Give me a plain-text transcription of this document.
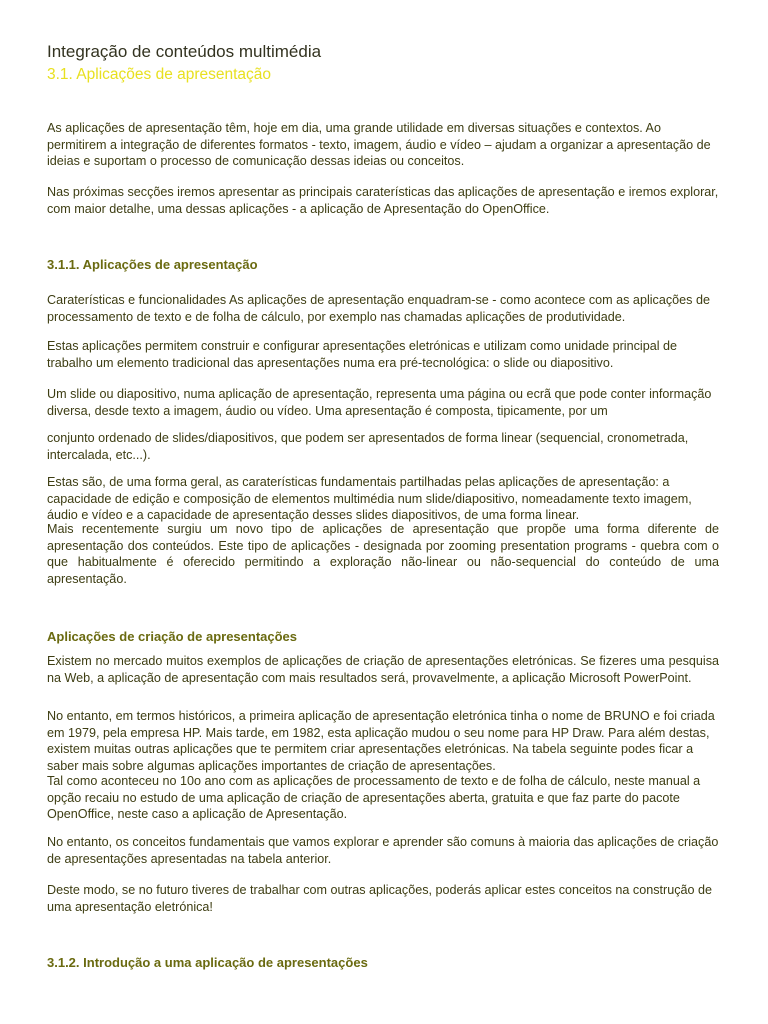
Integração de conteúdos multimédia
3.1. Aplicações de apresentação
As aplicações de apresentação têm, hoje em dia, uma grande utilidade em diversas situações e contextos. Ao permitirem a integração de diferentes formatos - texto, imagem, áudio e vídeo – ajudam a organizar a apresentação de ideias e suportam o processo de comunicação dessas ideias ou conceitos.
Nas próximas secções iremos apresentar as principais caraterísticas das aplicações de apresentação e iremos explorar, com maior detalhe, uma dessas aplicações - a aplicação de Apresentação do OpenOffice.
3.1.1. Aplicações de apresentação
Caraterísticas e funcionalidades As aplicações de apresentação enquadram-se - como acontece com as aplicações de processamento de texto e de folha de cálculo, por exemplo nas chamadas aplicações de produtividade.
Estas aplicações permitem construir e configurar apresentações eletrónicas e utilizam como unidade principal de trabalho um elemento tradicional das apresentações numa era pré-tecnológica: o slide ou diapositivo.
Um slide ou diapositivo, numa aplicação de apresentação, representa uma página ou ecrã que pode conter informação diversa, desde texto a imagem, áudio ou vídeo. Uma apresentação é composta, tipicamente, por um
conjunto ordenado de slides/diapositivos, que podem ser apresentados de forma linear (sequencial, cronometrada, intercalada, etc...).
Estas são, de uma forma geral, as caraterísticas fundamentais partilhadas pelas aplicações de apresentação: a capacidade de edição e composição de elementos multimédia num slide/diapositivo, nomeadamente texto imagem, áudio e vídeo e a capacidade de apresentação desses slides diapositivos, de uma forma linear.
Mais recentemente surgiu um novo tipo de aplicações de apresentação que propõe uma forma diferente de apresentação dos conteúdos. Este tipo de aplicações - designada por zooming presentation programs - quebra com o que habitualmente é oferecido permitindo a exploração não-linear ou não-sequencial do conteúdo de uma apresentação.
Aplicações de criação de apresentações
Existem no mercado muitos exemplos de aplicações de criação de apresentações eletrónicas. Se fizeres uma pesquisa na Web, a aplicação de apresentação com mais resultados será, provavelmente, a aplicação Microsoft PowerPoint.
No entanto, em termos históricos, a primeira aplicação de apresentação eletrónica tinha o nome de BRUNO e foi criada em 1979, pela empresa HP. Mais tarde, em 1982, esta aplicação mudou o seu nome para HP Draw. Para além destas, existem muitas outras aplicações que te permitem criar apresentações eletrónicas. Na tabela seguinte podes ficar a saber mais sobre algumas aplicações importantes de criação de apresentações.
Tal como aconteceu no 10o ano com as aplicações de processamento de texto e de folha de cálculo, neste manual a opção recaiu no estudo de uma aplicação de criação de apresentações aberta, gratuita e que faz parte do pacote OpenOffice, neste caso a aplicação de Apresentação.
No entanto, os conceitos fundamentais que vamos explorar e aprender são comuns à maioria das aplicações de criação de apresentações apresentadas na tabela anterior.
Deste modo, se no futuro tiveres de trabalhar com outras aplicações, poderás aplicar estes conceitos na construção de uma apresentação eletrónica!
3.1.2. Introdução a uma aplicação de apresentações
